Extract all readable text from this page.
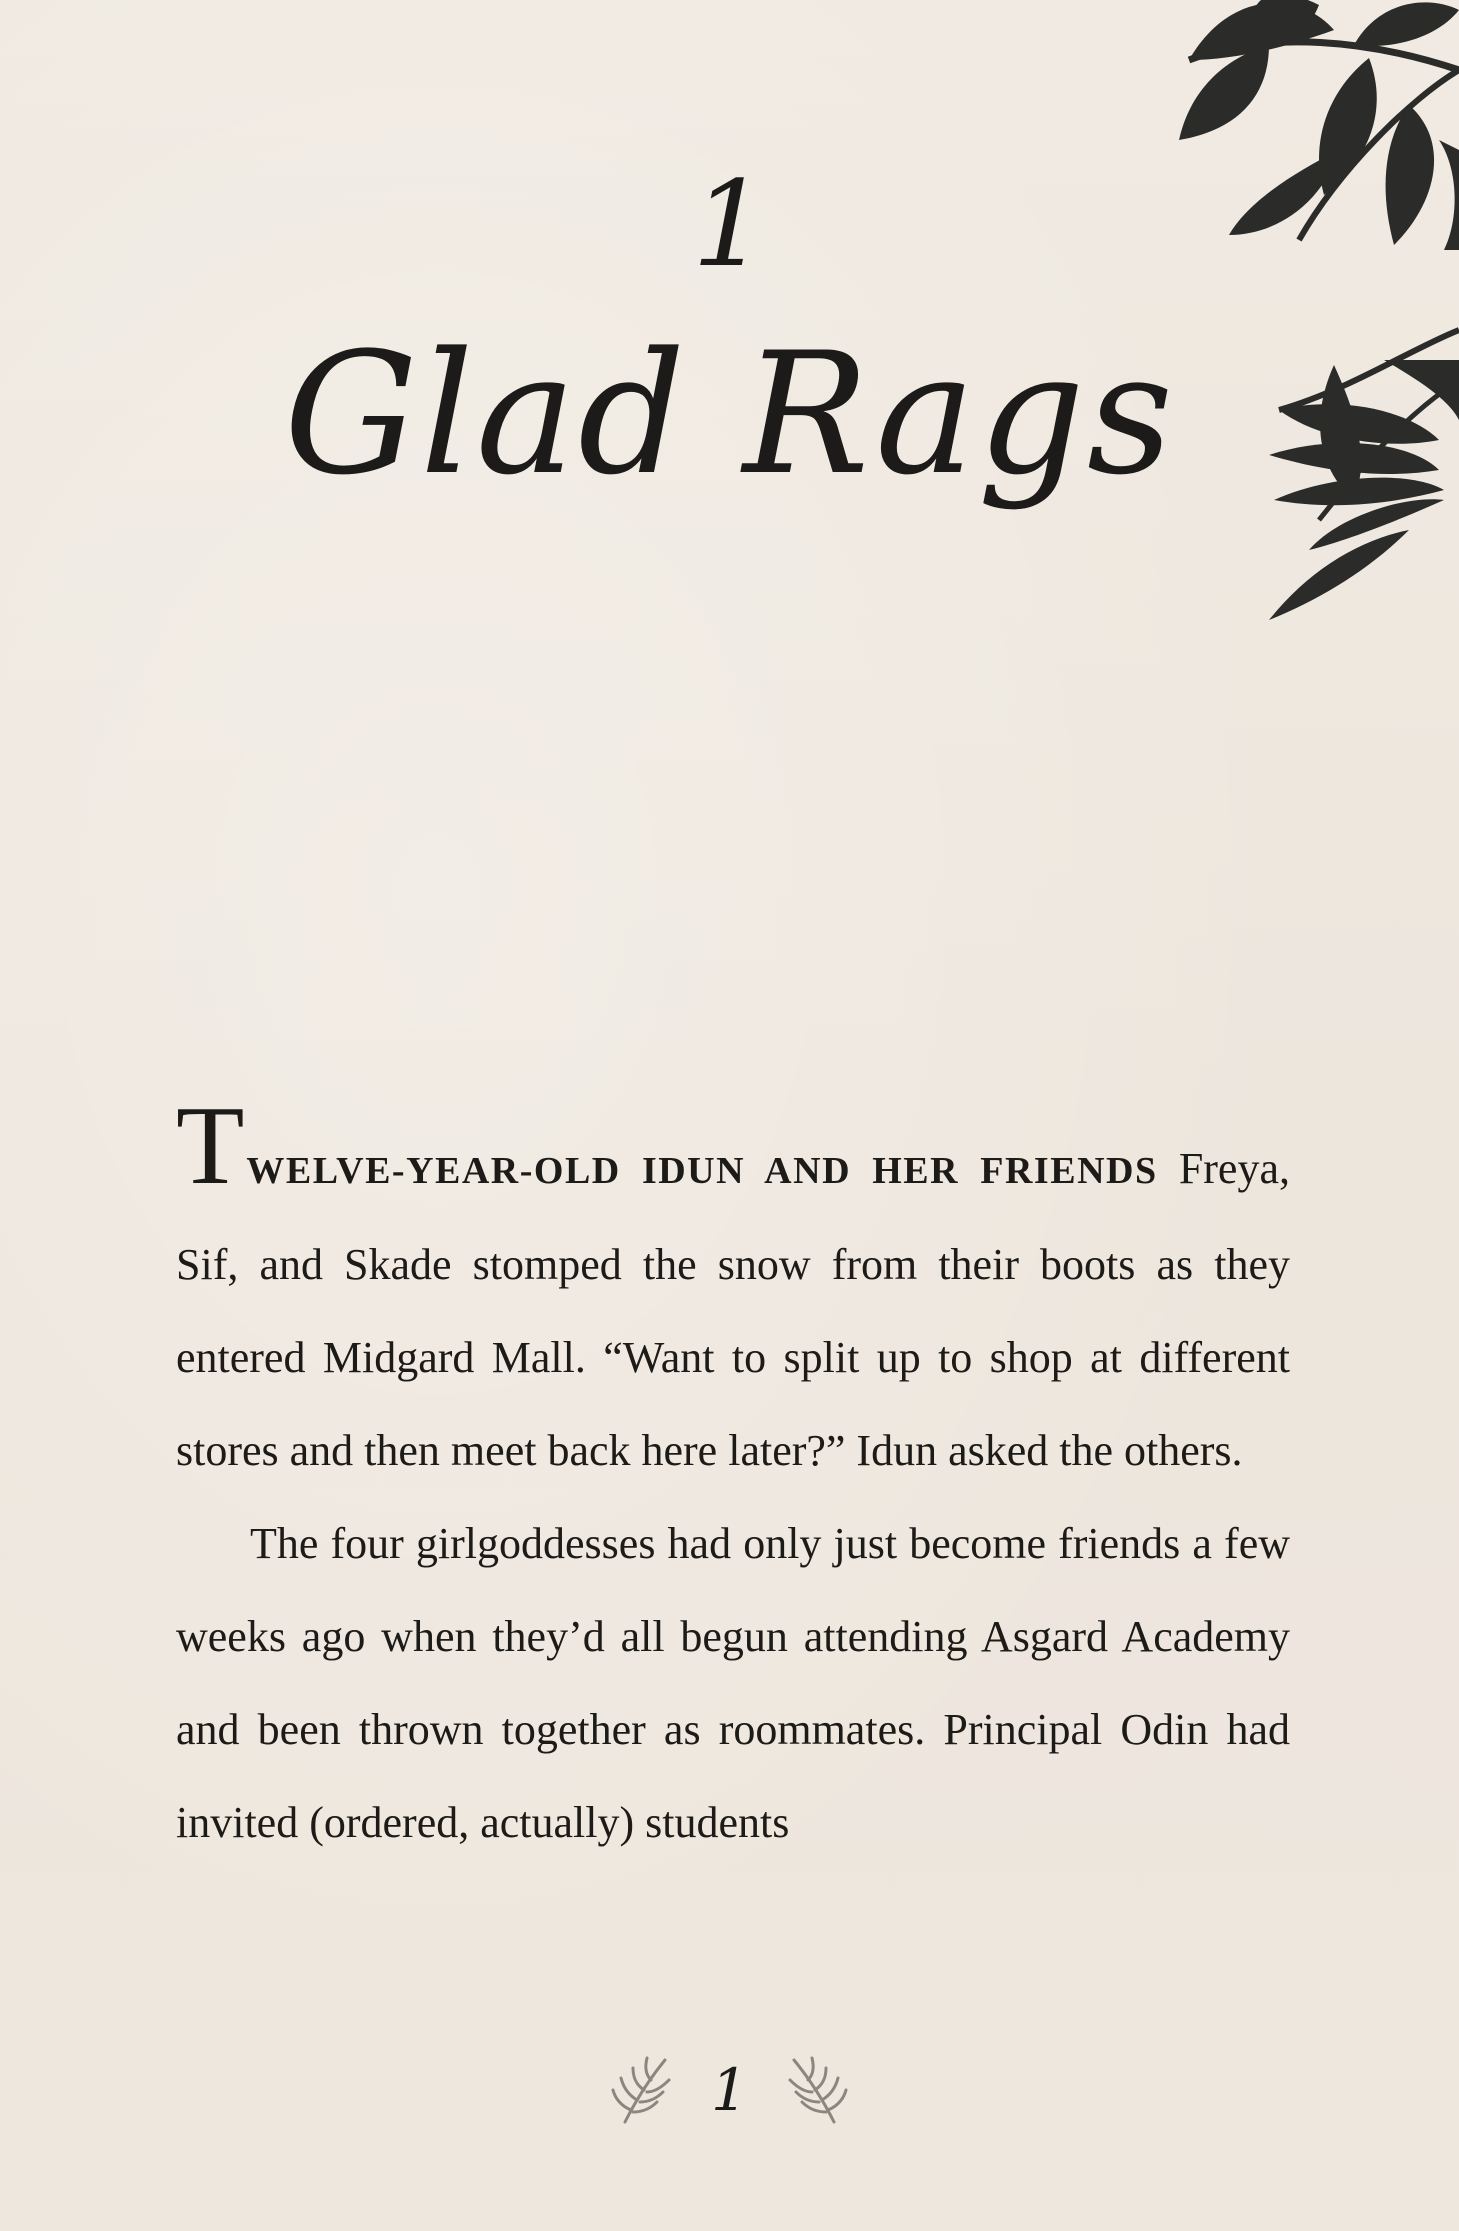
1
Glad Rags

TWELVE-YEAR-OLD IDUN AND HER FRIENDS Freya, Sif, and Skade stomped the snow from their boots as they entered Midgard Mall. “Want to split up to shop at different stores and then meet back here later?” Idun asked the others.

The four girlgoddesses had only just become friends a few weeks ago when they’d all begun attending Asgard Academy and been thrown together as roommates. Principal Odin had invited (ordered, actually) students

1
